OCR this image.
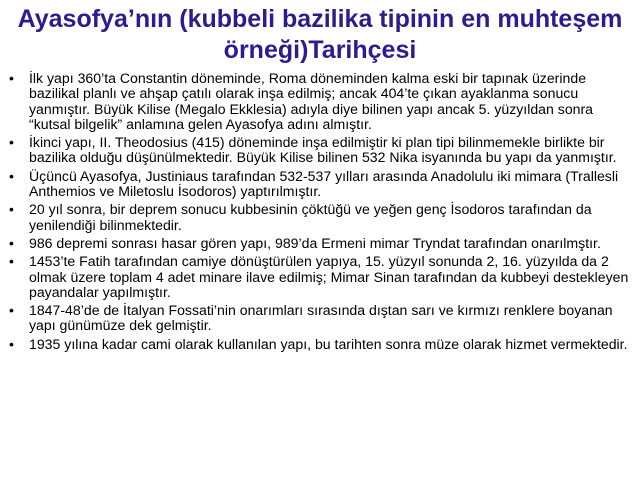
Ayasofya’nın (kubbeli bazilika tipinin en muhteşem örneği)Tarihçesi
• İlk yapı 360’ta Constantin döneminde, Roma döneminden kalma eski bir tapınak üzerinde bazilikal planlı ve ahşap çatılı olarak inşa edilmiş; ancak 404’te çıkan ayaklanma sonucu yanmıştır. Büyük Kilise (Megalo Ekklesia) adıyla diye bilinen yapı ancak 5. yüzyıldan sonra “kutsal bilgelik” anlamına gelen Ayasofya adını almıştır.
• İkinci yapı, II. Theodosius (415) döneminde inşa edilmiştir ki plan tipi bilinmemekle birlikte bir bazilika olduğu düşünülmektedir. Büyük Kilise bilinen 532 Nika isyanında bu yapı da yanmıştır.
• Üçüncü Ayasofya, Justiniaus tarafından 532-537 yılları arasında Anadolulu iki mimara (Trallesli Anthemios ve Miletoslu İsodoros) yaptırılmıştır.
• 20 yıl sonra, bir deprem sonucu kubbesinin çöktüğü ve yeğen genç İsodoros tarafından da yenilendiği bilinmektedir.
• 986 depremi sonrası hasar gören yapı, 989’da Ermeni mimar Tryndat tarafından onarılmştır.
• 1453’te Fatih tarafından camiye dönüştürülen yapıya, 15. yüzyıl sonunda 2, 16. yüzyılda da 2 olmak üzere toplam 4 adet minare ilave edilmiş; Mimar Sinan tarafından da kubbeyi destekleyen payandalar yapılmıştır.
• 1847-48’de de İtalyan Fossati’nin onarımları sırasında dıştan sarı ve kırmızı renklere boyanan yapı günümüze dek gelmiştir.
• 1935 yılına kadar cami olarak kullanılan yapı, bu tarihten sonra müze olarak hizmet vermektedir.
